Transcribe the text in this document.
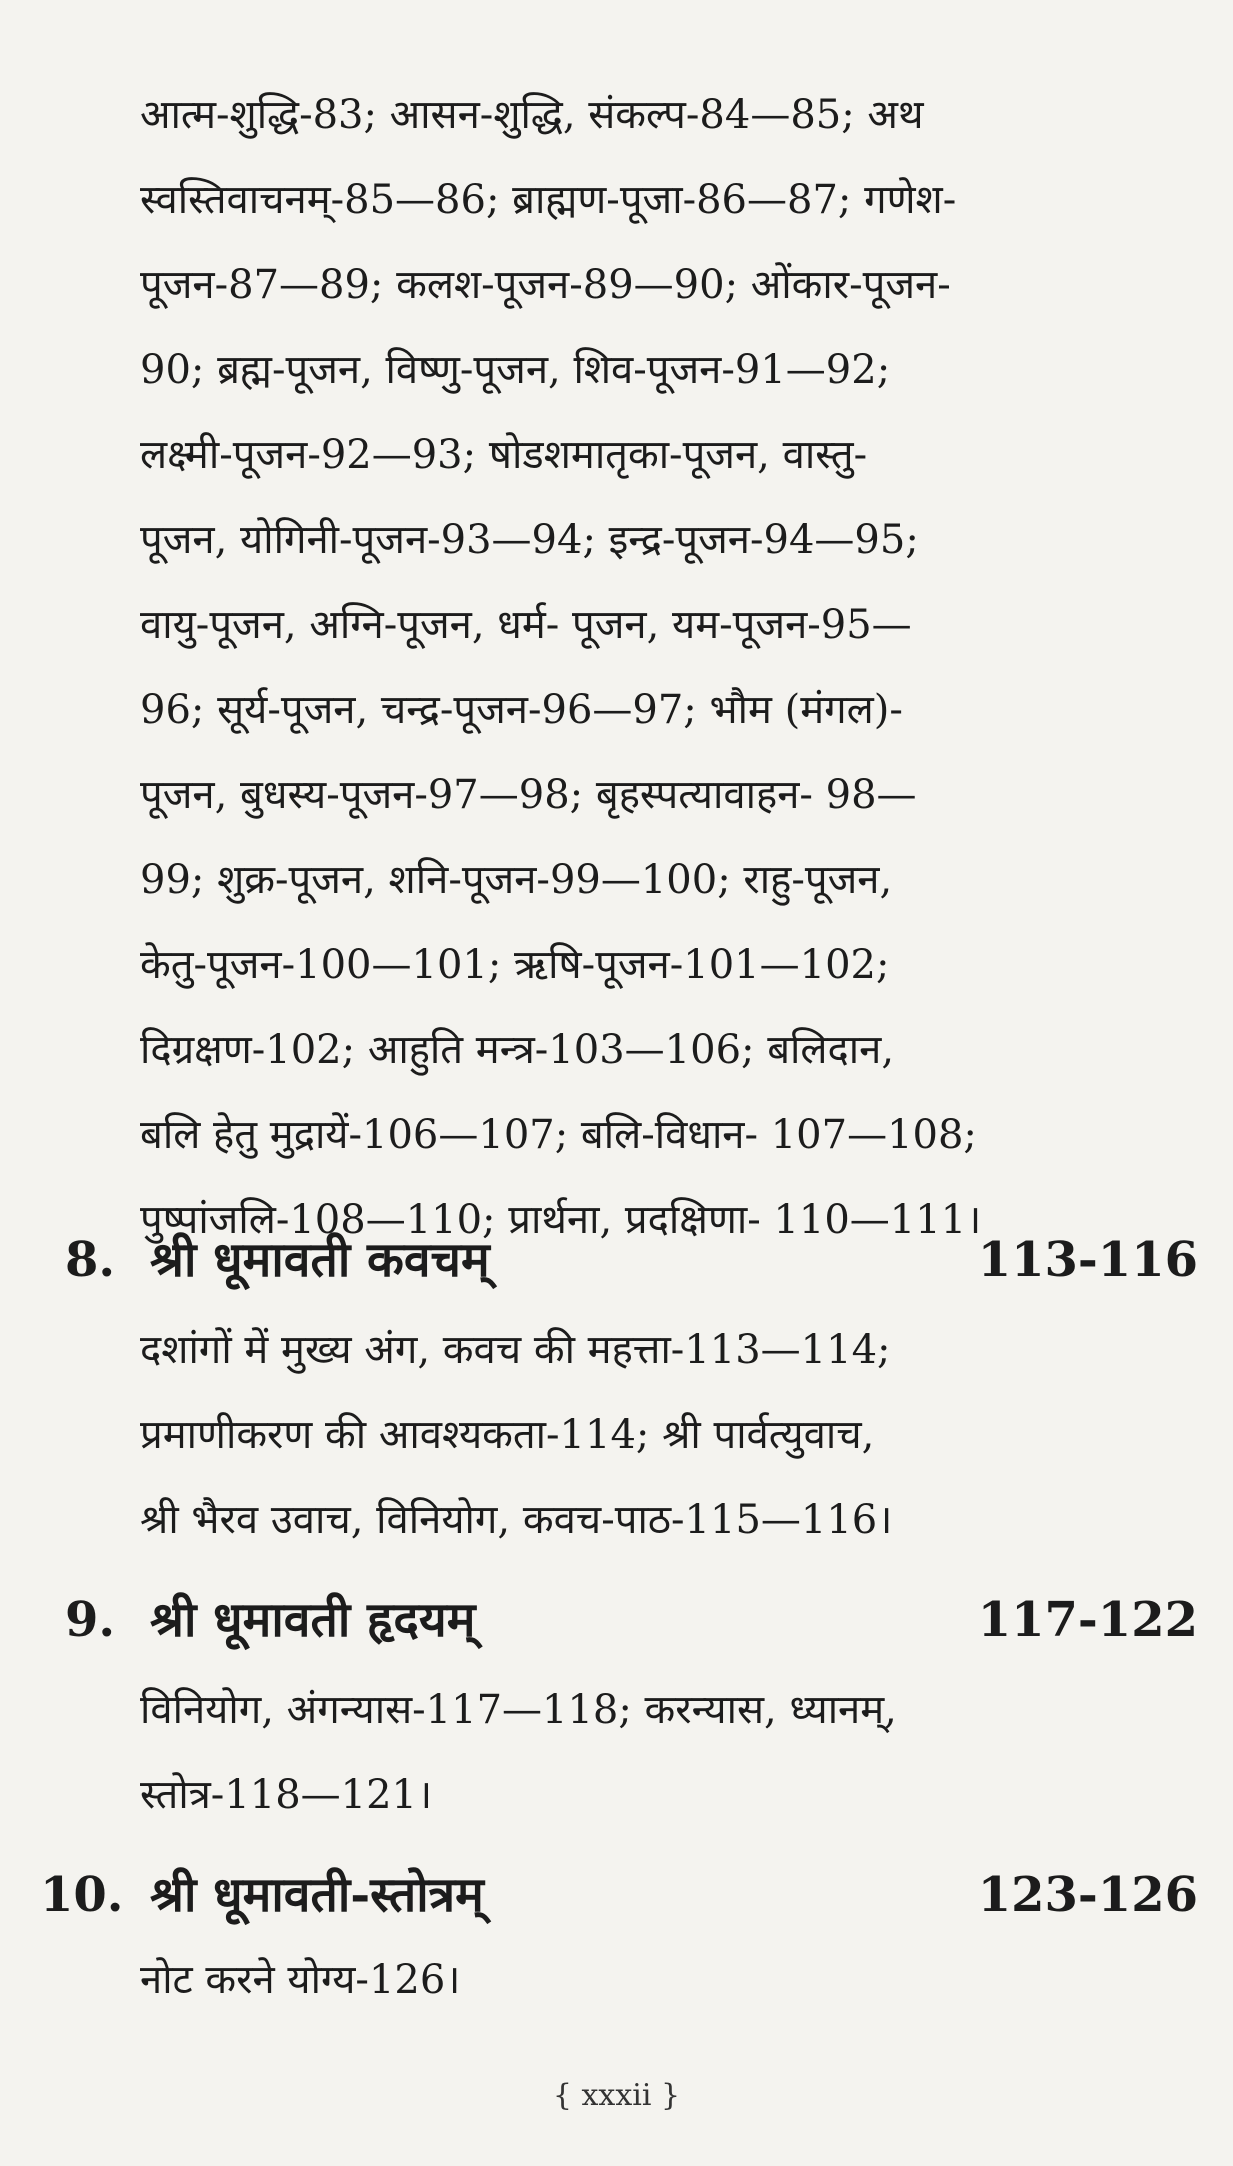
आत्म-शुद्धि-83; आसन-शुद्धि, संकल्प-84—85; अथ
स्वस्तिवाचनम्-85—86; ब्राह्मण-पूजा-86—87; गणेश-
पूजन-87—89; कलश-पूजन-89—90; ओंकार-पूजन-
90; ब्रह्म-पूजन, विष्णु-पूजन, शिव-पूजन-91—92;
लक्ष्मी-पूजन-92—93; षोडशमातृका-पूजन, वास्तु-
पूजन, योगिनी-पूजन-93—94; इन्द्र-पूजन-94—95;
वायु-पूजन, अग्नि-पूजन, धर्म- पूजन, यम-पूजन-95—
96; सूर्य-पूजन, चन्द्र-पूजन-96—97; भौम (मंगल)-
पूजन, बुधस्य-पूजन-97—98; बृहस्पत्यावाहन- 98—
99; शुक्र-पूजन, शनि-पूजन-99—100; राहु-पूजन,
केतु-पूजन-100—101; ऋषि-पूजन-101—102;
दिग्रक्षण-102; आहुति मन्त्र-103—106; बलिदान,
बलि हेतु मुद्रायें-106—107; बलि-विधान- 107—108;
पुष्पांजलि-108—110; प्रार्थना, प्रदक्षिणा- 110—111।
8. श्री धूमावती कवचम्	113-116
दशांगों में मुख्य अंग, कवच की महत्ता-113—114;
प्रमाणीकरण की आवश्यकता-114; श्री पार्वत्युवाच,
श्री भैरव उवाच, विनियोग, कवच-पाठ-115—116।
9. श्री धूमावती हृदयम्	117-122
विनियोग, अंगन्यास-117—118; करन्यास, ध्यानम्,
स्तोत्र-118—121।
10. श्री धूमावती-स्तोत्रम्	123-126
नोट करने योग्य-126।
{ xxxii }
